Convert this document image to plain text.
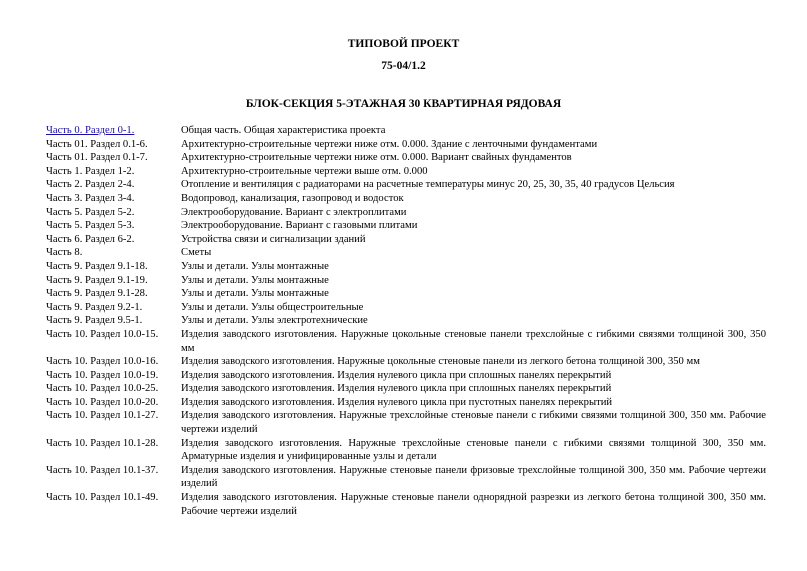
ТИПОВОЙ ПРОЕКТ
75-04/1.2
БЛОК-СЕКЦИЯ 5-ЭТАЖНАЯ 30 КВАРТИРНАЯ РЯДОВАЯ
Часть 0. Раздел 0-1.	Общая часть. Общая характеристика проекта
Часть 01. Раздел 0.1-6.	Архитектурно-строительные чертежи ниже отм. 0.000. Здание с ленточными фундаментами
Часть 01. Раздел 0.1-7.	Архитектурно-строительные чертежи ниже отм. 0.000. Вариант свайных фундаментов
Часть 1. Раздел 1-2.	Архитектурно-строительные чертежи выше отм. 0.000
Часть 2. Раздел 2-4.	Отопление и вентиляция с радиаторами на расчетные температуры минус 20, 25, 30, 35, 40 градусов Цельсия
Часть 3. Раздел 3-4.	Водопровод, канализация, газопровод и водосток
Часть 5. Раздел 5-2.	Электрооборудование. Вариант с электроплитами
Часть 5. Раздел 5-3.	Электрооборудование. Вариант с газовыми плитами
Часть 6. Раздел 6-2.	Устройства связи и сигнализации зданий
Часть 8.	Сметы
Часть 9. Раздел 9.1-18.	Узлы и детали. Узлы монтажные
Часть 9. Раздел 9.1-19.	Узлы и детали. Узлы монтажные
Часть 9. Раздел 9.1-28.	Узлы и детали. Узлы монтажные
Часть 9. Раздел 9.2-1.	Узлы и детали. Узлы общестроительные
Часть 9. Раздел 9.5-1.	Узлы и детали. Узлы электротехнические
Часть 10. Раздел 10.0-15.	Изделия заводского изготовления. Наружные цокольные стеновые панели трехслойные с гибкими связями толщиной 300, 350 мм
Часть 10. Раздел 10.0-16.	Изделия заводского изготовления. Наружные цокольные стеновые панели из легкого бетона толщиной 300, 350 мм
Часть 10. Раздел 10.0-19.	Изделия заводского изготовления. Изделия нулевого цикла при сплошных панелях перекрытий
Часть 10. Раздел 10.0-25.	Изделия заводского изготовления. Изделия нулевого цикла при сплошных панелях перекрытий
Часть 10. Раздел 10.0-20.	Изделия заводского изготовления. Изделия нулевого цикла при пустотных панелях перекрытий
Часть 10. Раздел 10.1-27.	Изделия заводского изготовления. Наружные трехслойные стеновые панели с гибкими связями толщиной 300, 350 мм. Рабочие чертежи изделий
Часть 10. Раздел 10.1-28.	Изделия заводского изготовления. Наружные трехслойные стеновые панели с гибкими связями толщиной 300, 350 мм. Арматурные изделия и унифицированные узлы и детали
Часть 10. Раздел 10.1-37.	Изделия заводского изготовления. Наружные стеновые панели фризовые трехслойные толщиной 300, 350 мм. Рабочие чертежи изделий
Часть 10. Раздел 10.1-49.	Изделия заводского изготовления. Наружные стеновые панели однорядной разрезки из легкого бетона толщиной 300, 350 мм. Рабочие чертежи изделий
